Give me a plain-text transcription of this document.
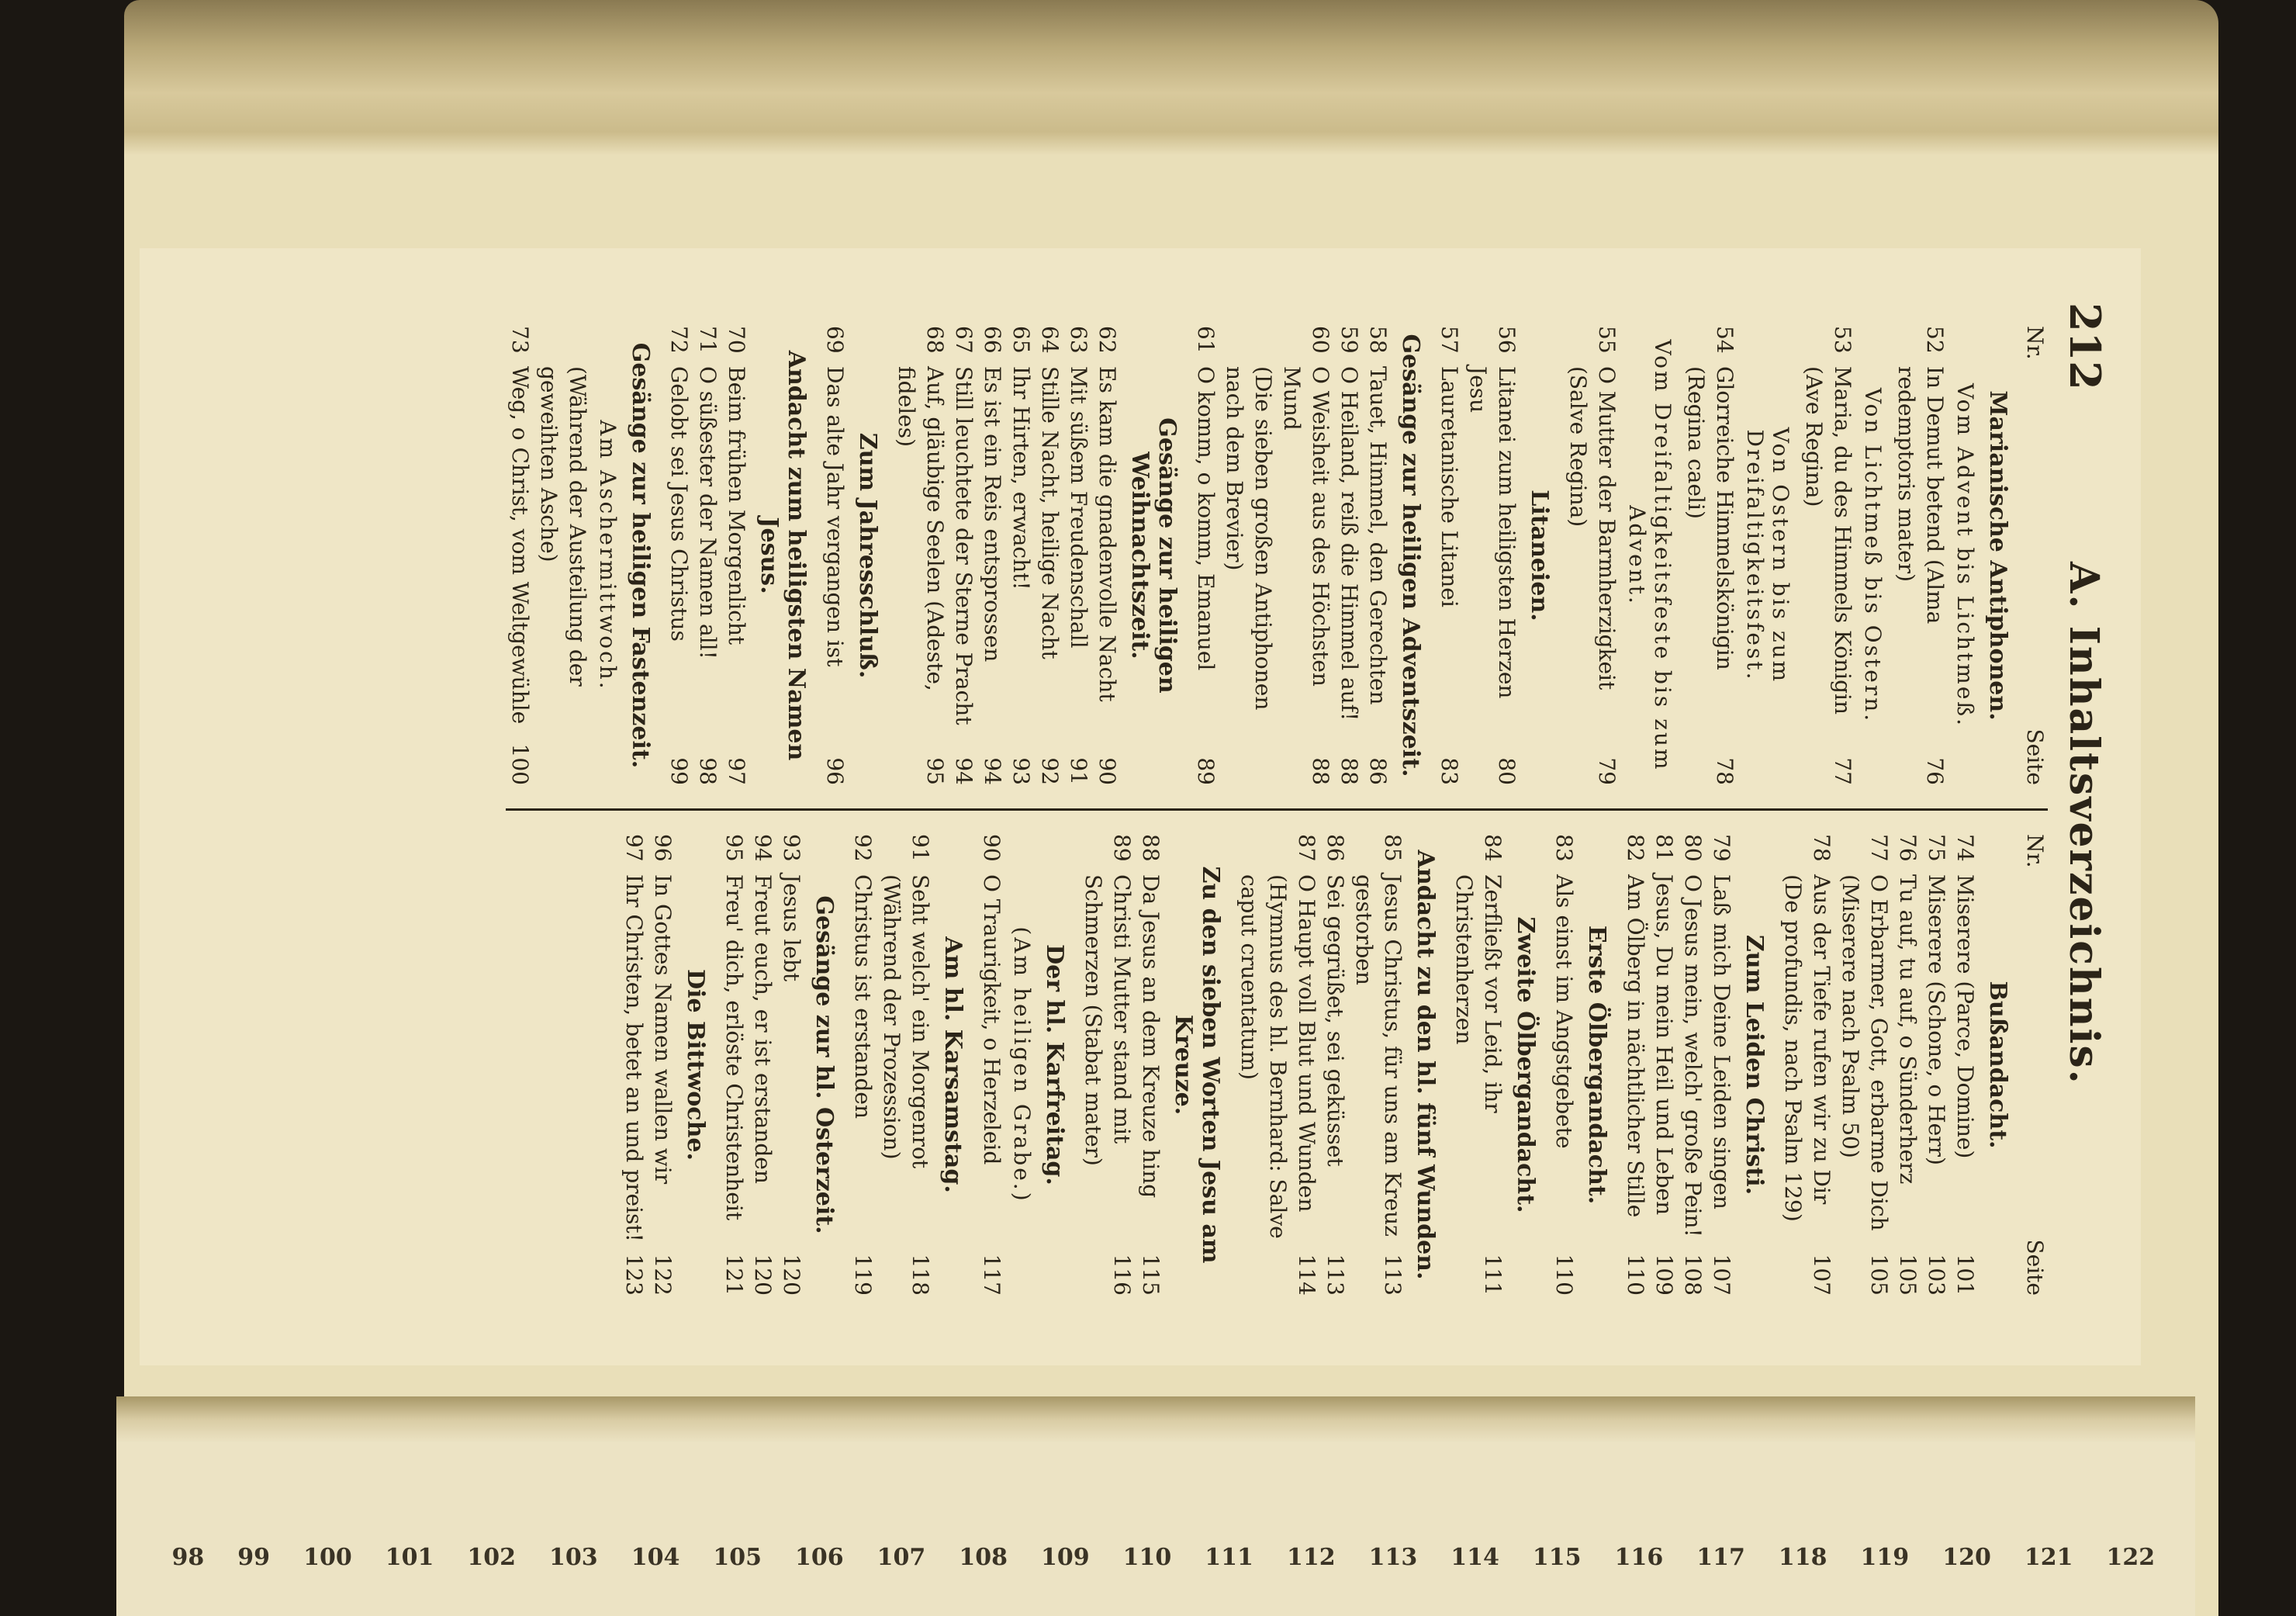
212
A. Inhaltsverzeichnis.
Nr.
Seite
Marianische Antiphonen.
Vom Advent bis Lichtmeß.
52
In Demut betend (Alma redemptoris mater)
76
Von Lichtmeß bis Ostern.
53
Maria, du des Himmels Königin (Ave Regina)
77
Von Ostern bis zum Dreifaltigkeitsfest.
54
Glorreiche Himmelskönigin (Regina caeli)
78
Vom Dreifaltigkeitsfeste bis zum Advent.
55
O Mutter der Barmherzigkeit (Salve Regina)
79
Litaneien.
56
Litanei zum heiligsten Herzen Jesu
80
57
Lauretanische Litanei
83
Gesänge zur heiligen Adventszeit.
58
Tauet, Himmel, den Gerechten
86
59
O Heiland, reiß die Himmel auf!
88
60
O Weisheit aus des Höchsten Mund
88
(Die sieben großen Antiphonen nach dem Brevier)
61
O komm, o komm, Emanuel
89
Gesänge zur heiligen Weihnachtszeit.
62
Es kam die gnadenvolle Nacht
90
63
Mit süßem Freudenschall
91
64
Stille Nacht, heilige Nacht
92
65
Ihr Hirten, erwacht!
93
66
Es ist ein Reis entsprossen
94
67
Still leuchtete der Sterne Pracht
94
68
Auf, gläubige Seelen (Adeste, fideles)
95
Zum Jahresschluß.
69
Das alte Jahr vergangen ist
96
Andacht zum heiligsten Namen Jesus.
70
Beim frühen Morgenlicht
97
71
O süßester der Namen all!
98
72
Gelobt sei Jesus Christus
99
Gesänge zur heiligen Fastenzeit.
Am Aschermittwoch.
(Während der Austeilung der geweihten Asche)
73
Weg, o Christ, vom Weltgewühle
100
Nr.
Seite
Bußandacht.
74
Miserere (Parce, Domine)
101
75
Miserere (Schone, o Herr)
103
76
Tu auf, tu auf, o Sünderherz
105
77
O Erbarmer, Gott, erbarme Dich (Miserere nach Psalm 50)
105
78
Aus der Tiefe rufen wir zu Dir (De profundis, nach Psalm 129)
107
Zum Leiden Christi.
79
Laß mich Deine Leiden singen
107
80
O Jesus mein, welch' große Pein!
108
81
Jesus, Du mein Heil und Leben
109
82
Am Ölberg in nächtlicher Stille
110
Erste Ölbergandacht.
83
Als einst im Angstgebete
110
Zweite Ölbergandacht.
84
Zerfließt vor Leid, ihr Christenherzen
111
Andacht zu den hl. fünf Wunden.
85
Jesus Christus, für uns am Kreuz gestorben
113
86
Sei gegrüßet, sei geküsset
113
87
O Haupt voll Blut und Wunden (Hymnus des hl. Bernhard: Salve caput cruentatum)
114
Zu den sieben Worten Jesu am Kreuze.
88
Da Jesus an dem Kreuze hing
115
89
Christi Mutter stand mit Schmerzen (Stabat mater)
116
Der hl. Karfreitag.
(Am heiligen Grabe.)
90
O Traurigkeit, o Herzeleid
117
Am hl. Karsamstag.
91
Seht welch' ein Morgenrot (Während der Prozession)
118
92
Christus ist erstanden
119
Gesänge zur hl. Osterzeit.
93
Jesus lebt
120
94
Freut euch, er ist erstanden
120
95
Freu' dich, erlöste Christenheit
121
Die Bittwoche.
96
In Gottes Namen wallen wir
122
97
Ihr Christen, betet an und preist!
123
98 99 100 101 102 103 104 105 106 107 108 109 110 111 112 113 114 115 116 117 118 119 120 121 122
